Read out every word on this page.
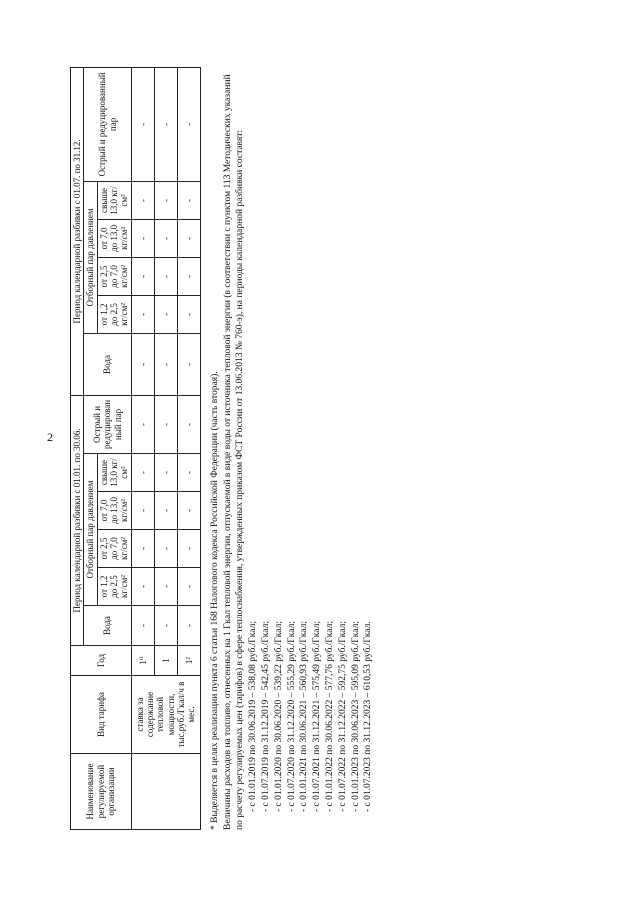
2
Наименование регулируемой организации	Вид тарифа	Год	Период календарной разбивки с 01.01. по 30.06.						Период календарной разбивки с 01.07. по 31.12.					
			Вода	Отборный пар давлением				Острый и редуцированный пар	Вода	Отборный пар давлением				Острый и редуцированный пар
				от 1,2 до 2,5 кг/см²	от 2,5 до 7,0 кг/см²	от 7,0 до 13,0 кг/см²	свыше 13,0 кг/см²			от 1,2 до 2,5 кг/см²	от 2,5 до 7,0 кг/см²	от 7,0 до 13,0 кг/см²	свыше 13,0 кг/см²	
	ставка за содержание тепловой мощности, тыс.руб./Гкал/ч в мес.	1⁰	-	-	-	-	-	-	-	-	-	-	-	-
		1	-	-	-	-	-	-	-	-	-	-	-	-
		1²	-	-	-	-	-	-	-	-	-	-	-	-

* Выделяется в целях реализации пункта 6 статьи 168 Налогового кодекса Российской Федерации (часть вторая). Величины расходов на топливо, отнесенных на 1 Гкал тепловой энергии, отпускаемой в виде воды от источника тепловой энергии (в соответствии с пунктом 113 Методических указаний по расчету регулируемых цен (тарифов) в сфере теплоснабжения, утвержденных приказом ФСТ России от 13.06.2013 № 760-э), на периоды календарной разбивки составят: - с 01.01.2019 по 30.06.2019 – 538,08 руб./Гкал; - с 01.07.2019 по 31.12.2019 – 542,45 руб./Гкал; - с 01.01.2020 по 30.06.2020 – 539,22 руб./Гкал; - с 01.07.2020 по 31.12.2020 – 555,29 руб./Гкал; - с 01.01.2021 по 30.06.2021 – 560,93 руб./Гкал; - с 01.07.2021 по 31.12.2021 – 575,49 руб./Гкал; - с 01.01.2022 по 30.06.2022 – 577,76 руб./Гкал; - с 01.07.2022 по 31.12.2022 – 592,75 руб./Гкал; - с 01.01.2023 по 30.06.2023 – 595,09 руб./Гкал; - с 01.07.2023 по 31.12.2023 – 610,53 руб./Гкал.
